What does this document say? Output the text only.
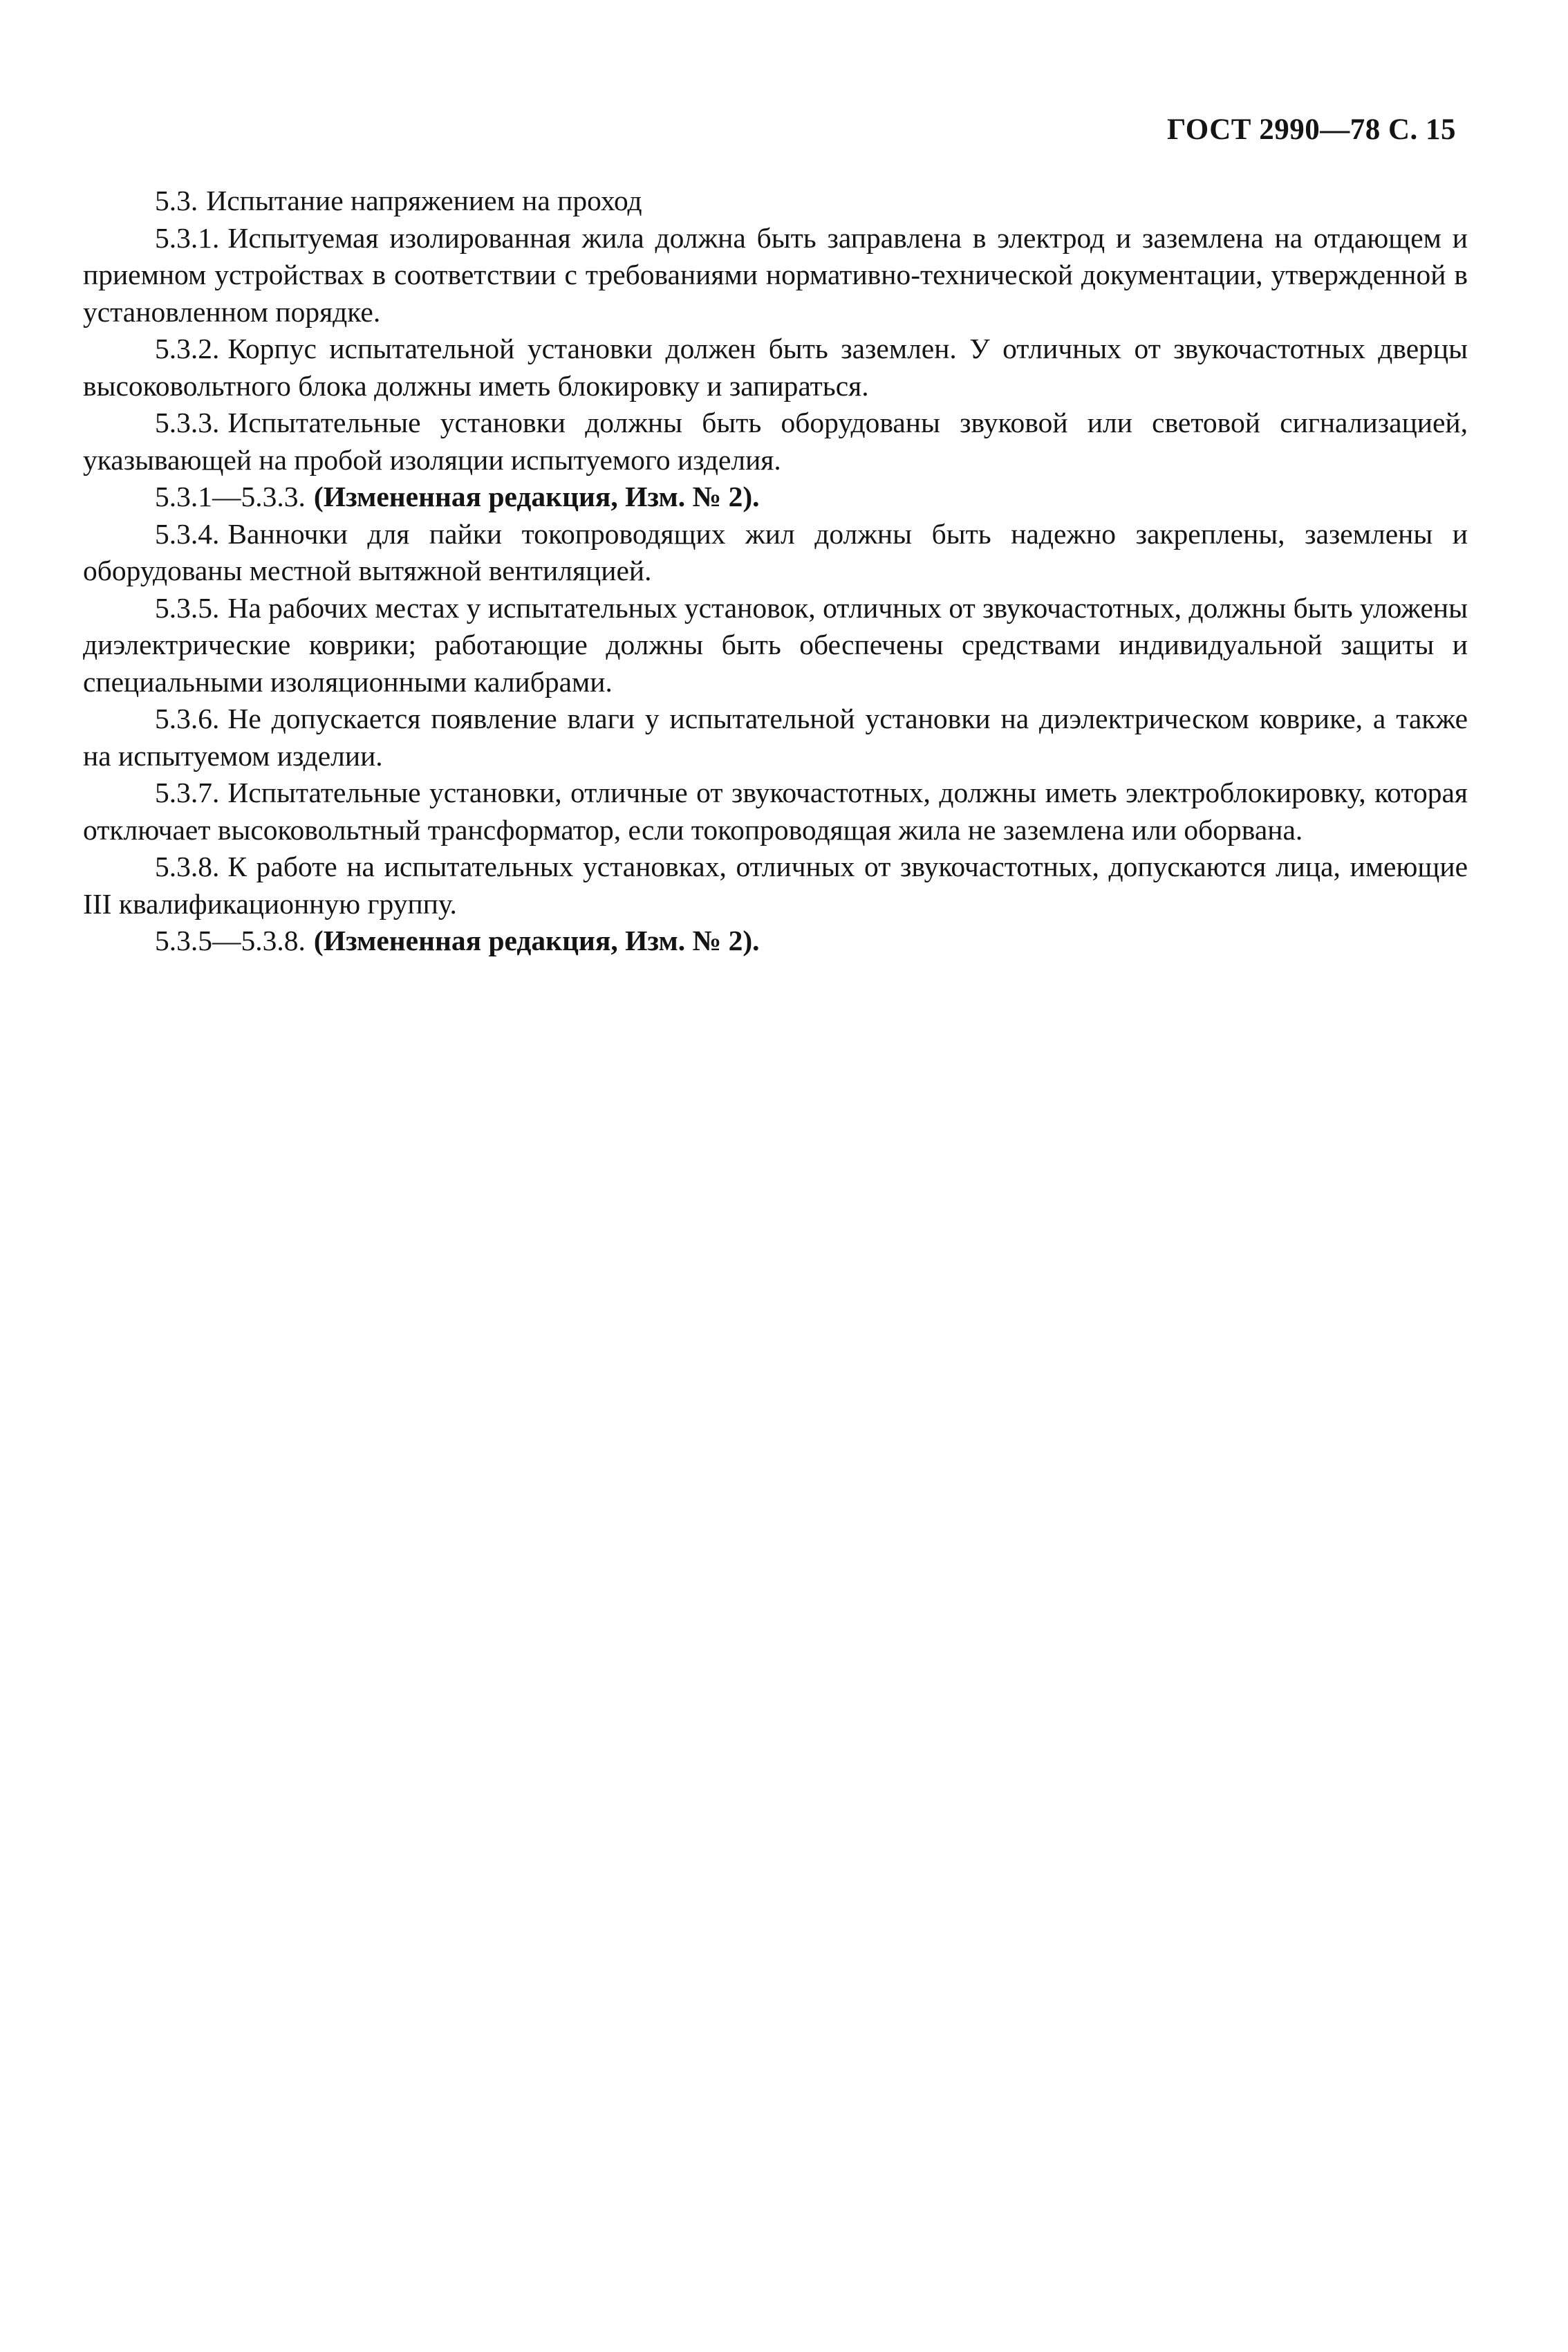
ГОСТ 2990—78 С. 15

5.3. Испытание напряжением на проход

5.3.1. Испытуемая изолированная жила должна быть заправлена в электрод и заземлена на отдающем и приемном устройствах в соответствии с требованиями нормативно-технической документации, утвержденной в установленном порядке.

5.3.2. Корпус испытательной установки должен быть заземлен. У отличных от звукочастотных дверцы высоковольтного блока должны иметь блокировку и запираться.

5.3.3. Испытательные установки должны быть оборудованы звуковой или световой сигнализацией, указывающей на пробой изоляции испытуемого изделия.

5.3.1—5.3.3. (Измененная редакция, Изм. № 2).

5.3.4. Ванночки для пайки токопроводящих жил должны быть надежно закреплены, заземлены и оборудованы местной вытяжной вентиляцией.

5.3.5. На рабочих местах у испытательных установок, отличных от звукочастотных, должны быть уложены диэлектрические коврики; работающие должны быть обеспечены средствами индивидуальной защиты и специальными изоляционными калибрами.

5.3.6. Не допускается появление влаги у испытательной установки на диэлектрическом коврике, а также на испытуемом изделии.

5.3.7. Испытательные установки, отличные от звукочастотных, должны иметь электроблокировку, которая отключает высоковольтный трансформатор, если токопроводящая жила не заземлена или оборвана.

5.3.8. К работе на испытательных установках, отличных от звукочастотных, допускаются лица, имеющие III квалификационную группу.

5.3.5—5.3.8. (Измененная редакция, Изм. № 2).
